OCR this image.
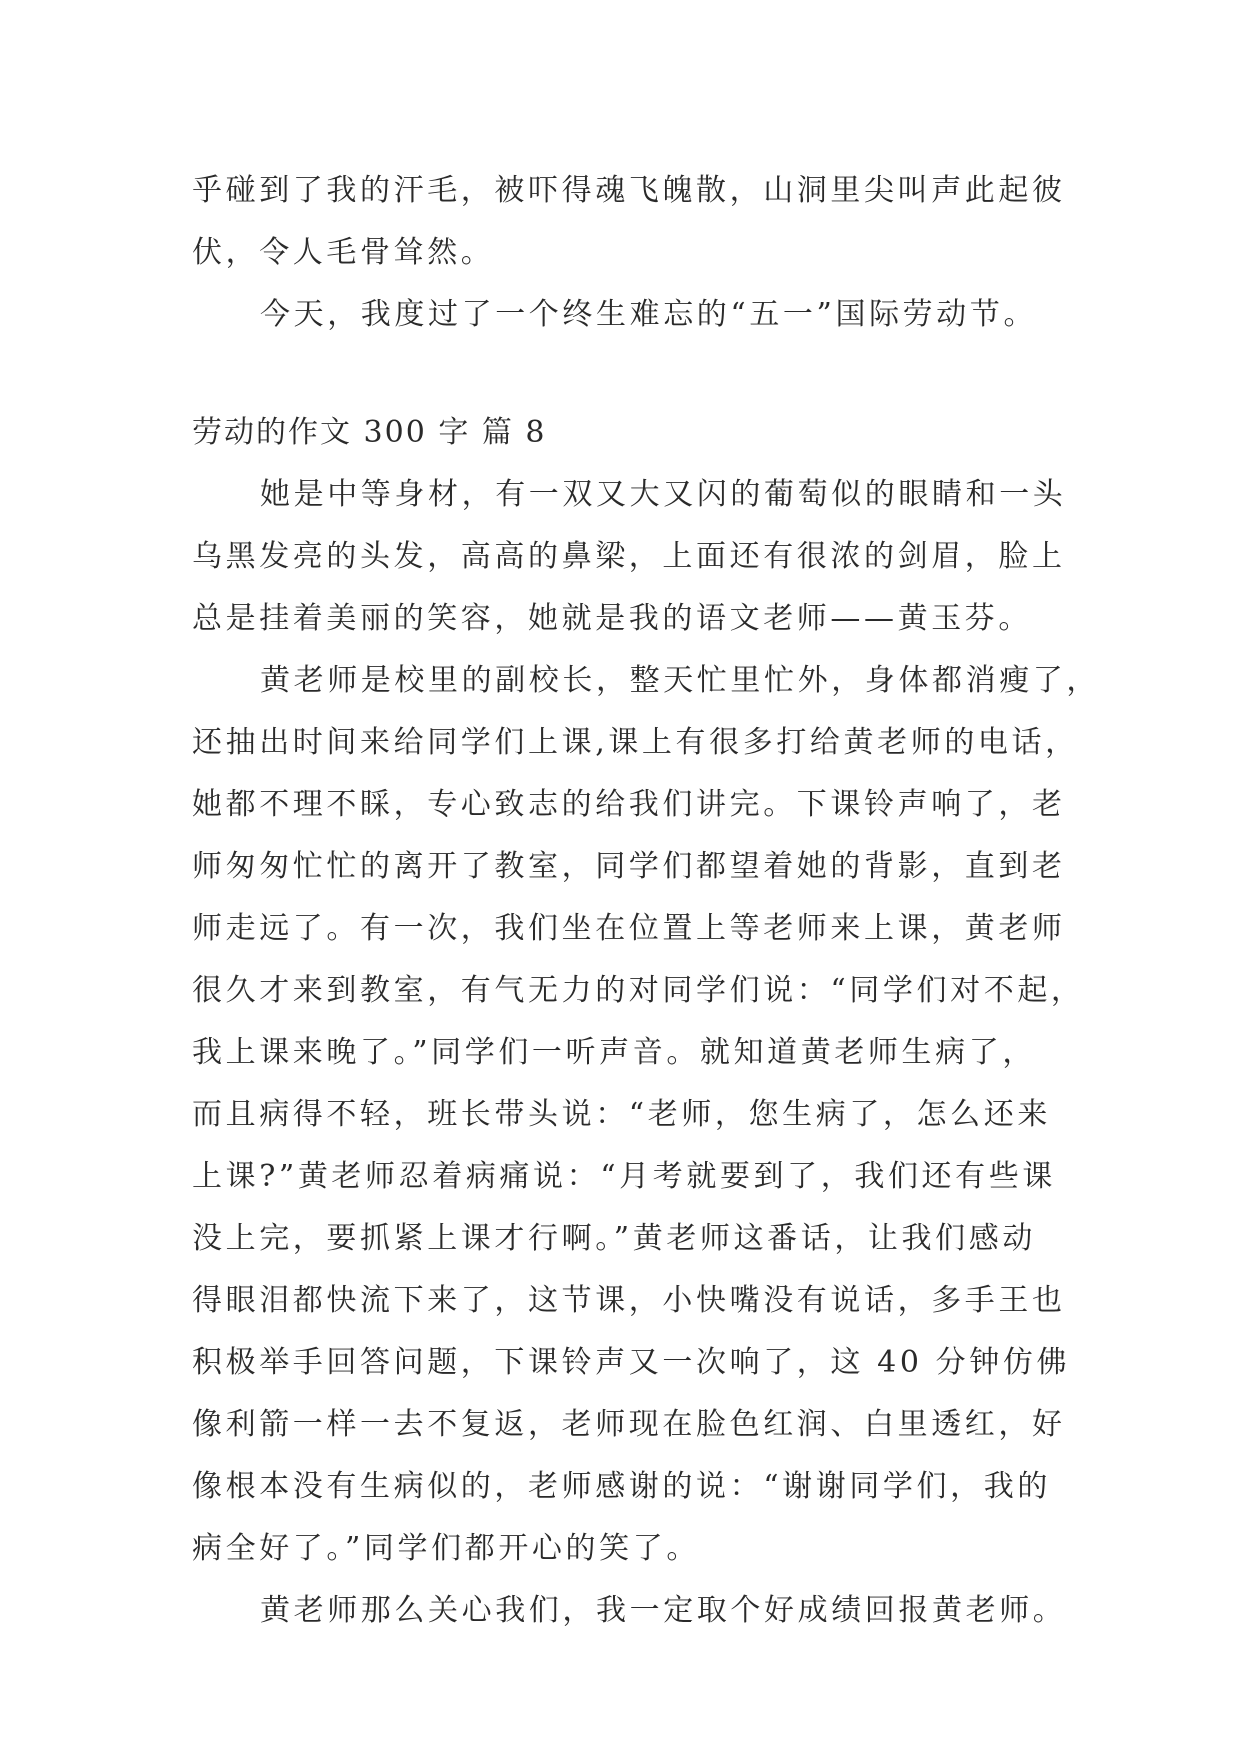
乎碰到了我的汗毛，被吓得魂飞魄散，山洞里尖叫声此起彼
伏，令人毛骨耸然。
今天，我度过了一个终生难忘的“五一”国际劳动节。
劳动的作文 300 字 篇 8
她是中等身材，有一双又大又闪的葡萄似的眼睛和一头
乌黑发亮的头发，高高的鼻梁，上面还有很浓的剑眉，脸上
总是挂着美丽的笑容，她就是我的语文老师——黄玉芬。
黄老师是校里的副校长，整天忙里忙外，身体都消瘦了，
还抽出时间来给同学们上课,课上有很多打给黄老师的电话，
她都不理不睬，专心致志的给我们讲完。下课铃声响了，老
师匆匆忙忙的离开了教室，同学们都望着她的背影，直到老
师走远了。有一次，我们坐在位置上等老师来上课，黄老师
很久才来到教室，有气无力的对同学们说：“同学们对不起，
我上课来晚了。”同学们一听声音。就知道黄老师生病了，
而且病得不轻，班长带头说：“老师，您生病了，怎么还来
上课?”黄老师忍着病痛说：“月考就要到了，我们还有些课
没上完，要抓紧上课才行啊。”黄老师这番话，让我们感动
得眼泪都快流下来了，这节课，小快嘴没有说话，多手王也
积极举手回答问题，下课铃声又一次响了，这 40 分钟仿佛
像利箭一样一去不复返，老师现在脸色红润、白里透红，好
像根本没有生病似的，老师感谢的说：“谢谢同学们，我的
病全好了。”同学们都开心的笑了。
黄老师那么关心我们，我一定取个好成绩回报黄老师。
